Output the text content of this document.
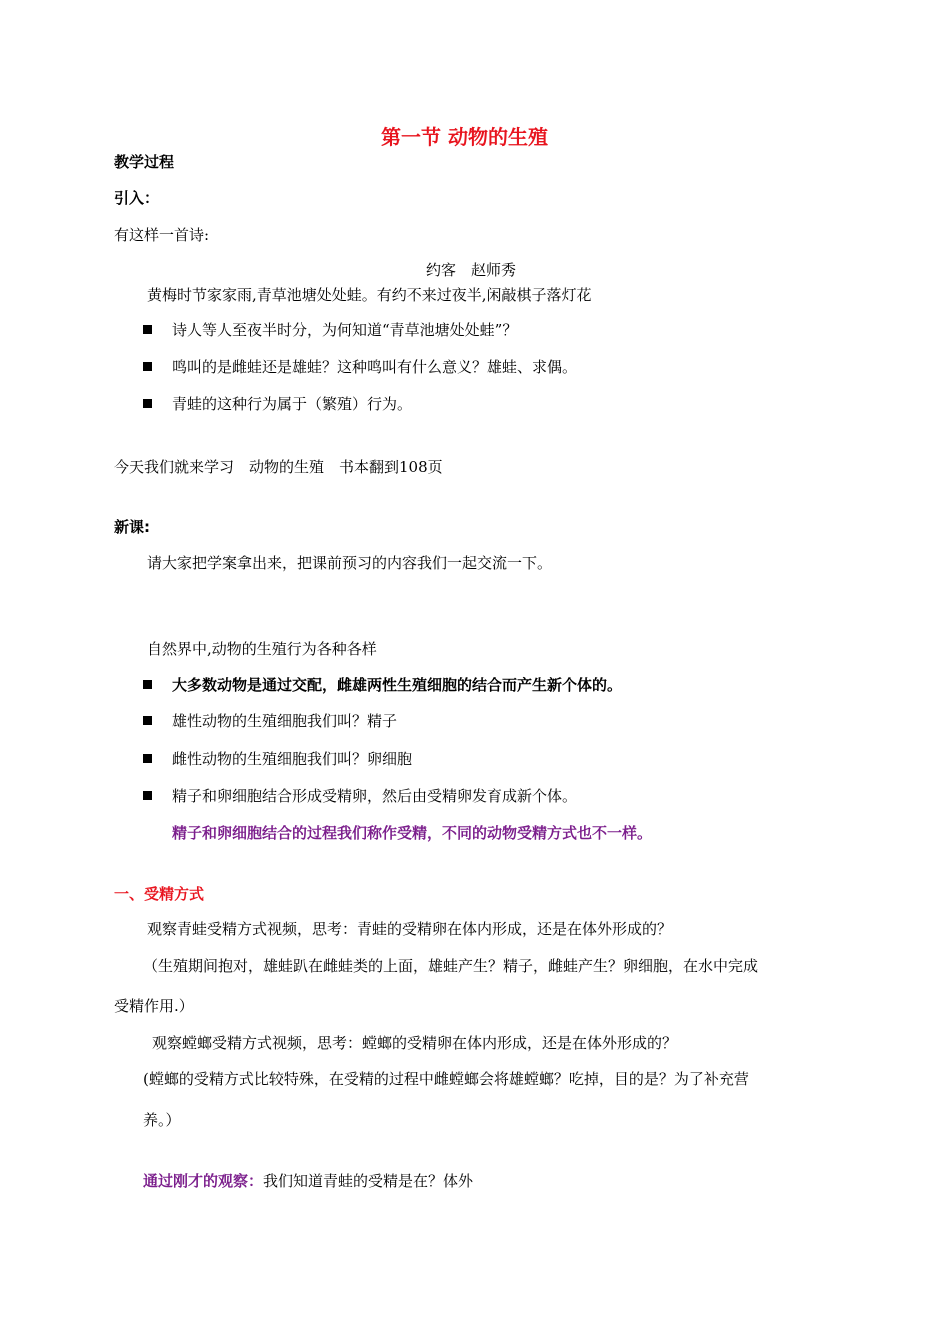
第一节 动物的生殖
教学过程
引入：
有这样一首诗:
约客　赵师秀
黄梅时节家家雨,青草池塘处处蛙。有约不来过夜半,闲敲棋子落灯花
诗人等人至夜半时分，为何知道“青草池塘处处蛙”？
鸣叫的是雌蛙还是雄蛙？这种鸣叫有什么意义？雄蛙、求偶。
青蛙的这种行为属于（繁殖）行为。
今天我们就来学习　动物的生殖　书本翻到108页
新课:
请大家把学案拿出来，把课前预习的内容我们一起交流一下。
自然界中,动物的生殖行为各种各样
大多数动物是通过交配，雌雄两性生殖细胞的结合而产生新个体的。
雄性动物的生殖细胞我们叫？精子
雌性动物的生殖细胞我们叫？卵细胞
精子和卵细胞结合形成受精卵，然后由受精卵发育成新个体。
精子和卵细胞结合的过程我们称作受精，不同的动物受精方式也不一样。
一、受精方式
观察青蛙受精方式视频，思考：青蛙的受精卵在体内形成，还是在体外形成的？
（生殖期间抱对，雄蛙趴在雌蛙类的上面，雄蛙产生？精子，雌蛙产生？卵细胞，在水中完成
受精作用.）
观察螳螂受精方式视频，思考：螳螂的受精卵在体内形成，还是在体外形成的？
(螳螂的受精方式比较特殊，在受精的过程中雌螳螂会将雄螳螂？吃掉，目的是？为了补充营
养。）
通过刚才的观察：我们知道青蛙的受精是在？体外
